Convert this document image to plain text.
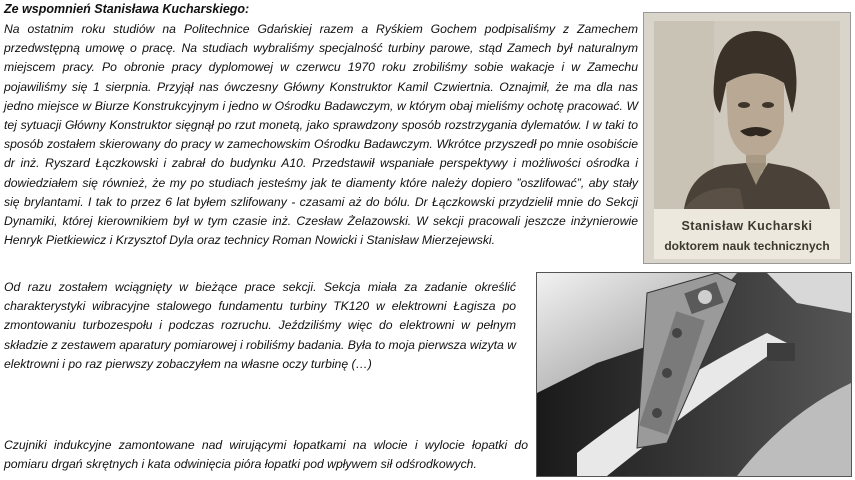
Ze wspomnień Stanisława Kucharskiego:

Na ostatnim roku studiów na Politechnice Gdańskiej razem a Ryśkiem Gochem podpisaliśmy z Zamechem przedwstępną umowę o pracę. Na studiach wybraliśmy specjalność turbiny parowe, stąd Zamech był naturalnym miejscem pracy. Po obronie pracy dyplomowej w czerwcu 1970 roku zrobiliśmy sobie wakacje i w Zamechu pojawiliśmy się 1 sierpnia. Przyjął nas ówczesny Główny Konstruktor Kamil Czwiertnia. Oznajmił, że ma dla nas jedno miejsce w Biurze Konstrukcyjnym i jedno w Ośrodku Badawczym, w którym obaj mieliśmy ochotę pracować. W tej sytuacji Główny Konstruktor sięgnął po rzut monetą, jako sprawdzony sposób rozstrzygania dylematów. I w taki to sposób zostałem skierowany do pracy w zamechowskim Ośrodku Badawczym. Wkrótce przyszedł po mnie osobiście dr inż. Ryszard Łączkowski i zabrał do budynku A10. Przedstawił wspaniałe perspektywy i możliwości ośrodka i dowiedziałem się również, że my po studiach jesteśmy jak te diamenty które należy dopiero ”oszlifować”, aby stały się brylantami. I tak to przez 6 lat byłem szlifowany - czasami aż do bólu. Dr Łączkowski przydzielił mnie do Sekcji Dynamiki, której kierownikiem był w tym czasie inż. Czesław Żelazowski. W sekcji pracowali jeszcze inżynierowie Henryk Pietkiewicz i Krzysztof Dyla oraz technicy Roman Nowicki i Stanisław Mierzejewski.

Stanisław Kucharski
doktorem nauk technicznych

Od razu zostałem wciągnięty w bieżące prace sekcji. Sekcja miała za zadanie określić charakterystyki wibracyjne stalowego fundamentu turbiny TK120 w elektrowni Łagisza po zmontowaniu turbozespołu i podczas rozruchu. Jeździliśmy więc do elektrowni w pełnym składzie z zestawem aparatury pomiarowej i robiliśmy badania. Była to moja pierwsza wizyta w elektrowni i po raz pierwszy zobaczyłem na własne oczy turbinę (…)

Czujniki indukcyjne zamontowane nad wirującymi łopatkami na wlocie i wylocie łopatki do pomiaru drgań skrętnych i kata odwinięcia pióra łopatki pod wpływem sił odśrodkowych.
